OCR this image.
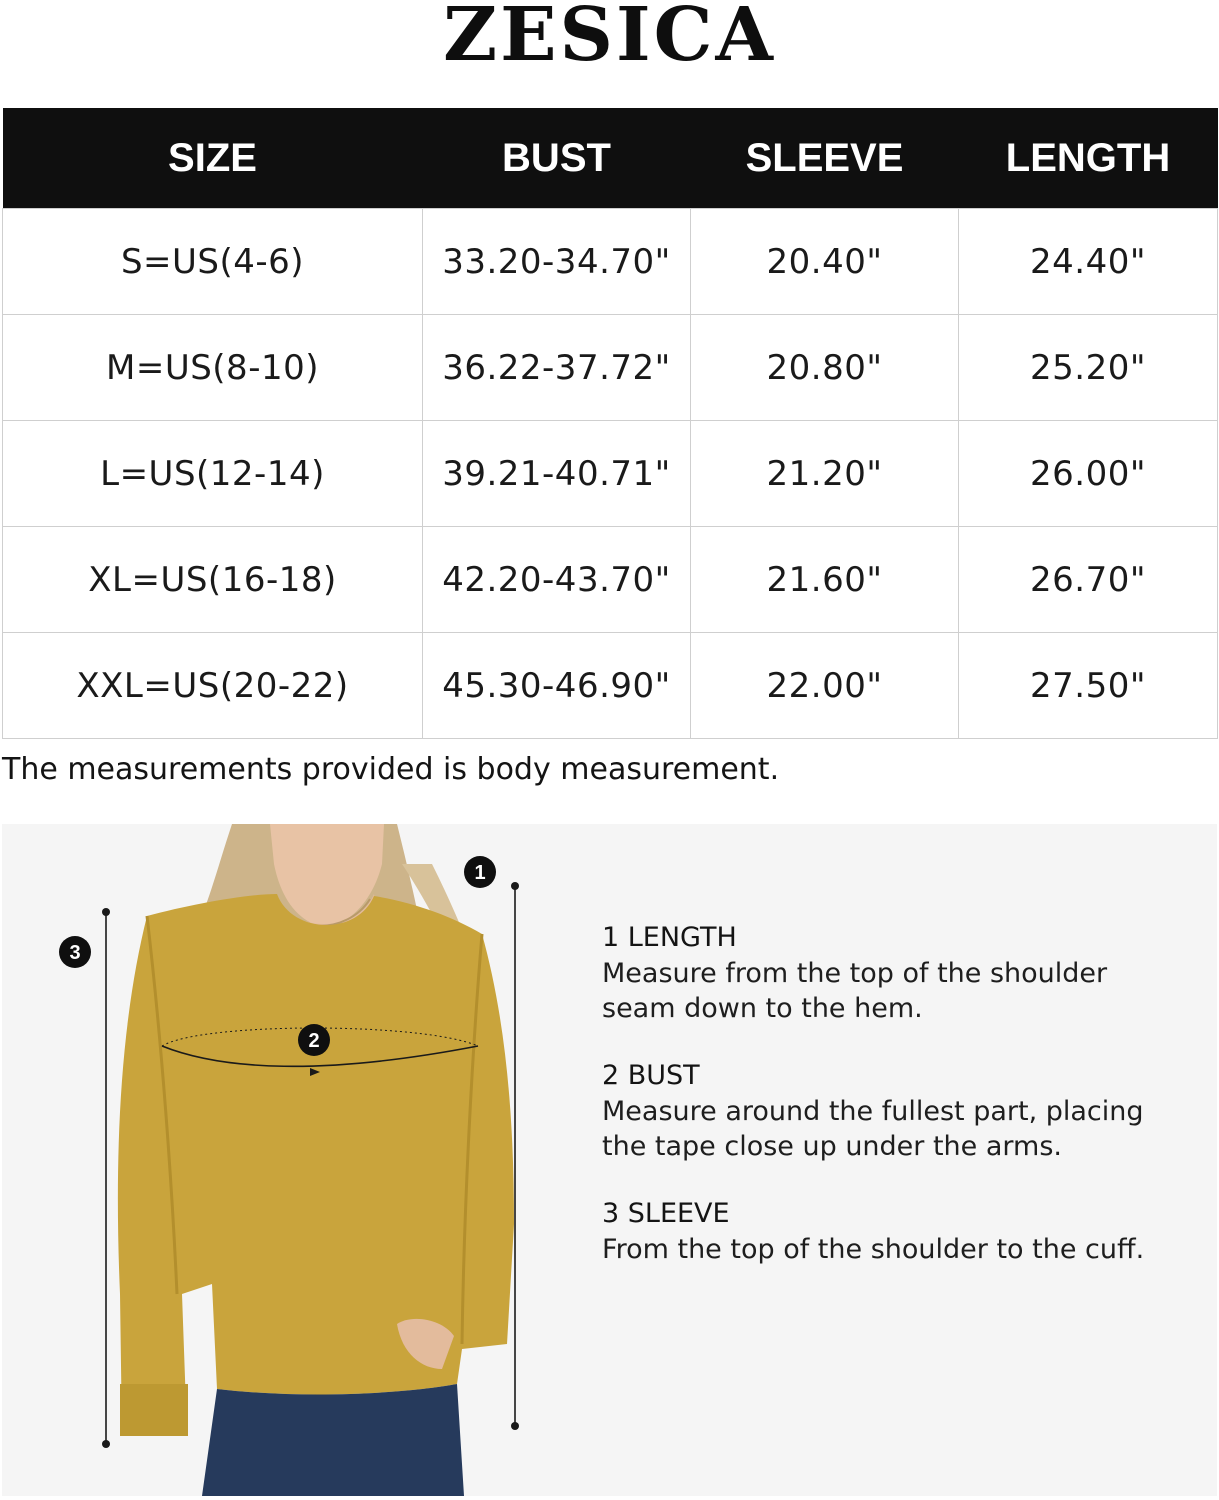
ZESICA
SIZE	BUST	SLEEVE	LENGTH
S=US(4-6)	33.20-34.70"	20.40"	24.40"
M=US(8-10)	36.22-37.72"	20.80"	25.20"
L=US(12-14)	39.21-40.71"	21.20"	26.00"
XL=US(16-18)	42.20-43.70"	21.60"	26.70"
XXL=US(20-22)	45.30-46.90"	22.00"	27.50"
The measurements provided is body measurement.
1
2
3	1 LENGTH
Measure from the top of the shoulder
seam down to the hem.
2 BUST
Measure around the fullest part, placing
the tape close up under the arms.
3 SLEEVE
From the top of the shoulder to the cuff.
